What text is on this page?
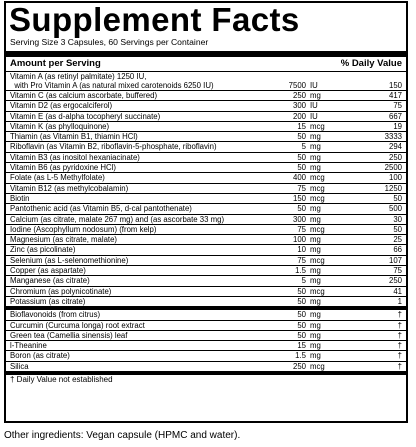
Supplement Facts
Serving Size 3 Capsules, 60 Servings per Container
Amount per Serving	% Daily Value
Vitamin A (as retinyl palmitate) 1250 IU,
with Pro Vitamin A (as natural mixed carotenoids 6250 IU)	7500 IU	150
Vitamin C (as calcium ascorbate, buffered)	250 mg	417
Vitamin D2 (as ergocalciferol)	300 IU	75
Vitamin E (as d-alpha tocopheryl succinate)	200 IU	667
Vitamin K (as phylloquinone)	15 mcg	19
Thiamin (as Vitamin B1, thiamin HCl)	50 mg	3333
Riboflavin (as Vitamin B2, riboflavin-5-phosphate, riboflavin)	5 mg	294
Vitamin B3 (as inositol hexaniacinate)	50 mg	250
Vitamin B6 (as pyridoxine HCl)	50 mg	2500
Folate (as L-5 Methylfolate)	400 mcg	100
Vitamin B12 (as methylcobalamin)	75 mcg	1250
Biotin	150 mcg	50
Pantothenic acid (as Vitamin B5, d-cal pantothenate)	50 mg	500
Calcium (as citrate, malate 267 mg) and (as ascorbate 33 mg)	300 mg	30
Iodine (Ascophyllum nodosum) (from kelp)	75 mcg	50
Magnesium (as citrate, malate)	100 mg	25
Zinc (as picolinate)	10 mg	66
Selenium (as L-selenomethionine)	75 mcg	107
Copper (as aspartate)	1.5 mg	75
Manganese (as citrate)	5 mg	250
Chromium (as polynicotinate)	50 mcg	41
Potassium (as citrate)	50 mg	1
Bioflavonoids (from citrus)	50 mg	†
Curcumin (Curcuma longa) root extract	50 mg	†
Green tea (Camellia sinensis) leaf	50 mg	†
l-Theanine	15 mg	†
Boron (as citrate)	1.5 mg	†
Silica	250 mcg	†
† Daily Value not established
Other ingredients: Vegan capsule (HPMC and water).
